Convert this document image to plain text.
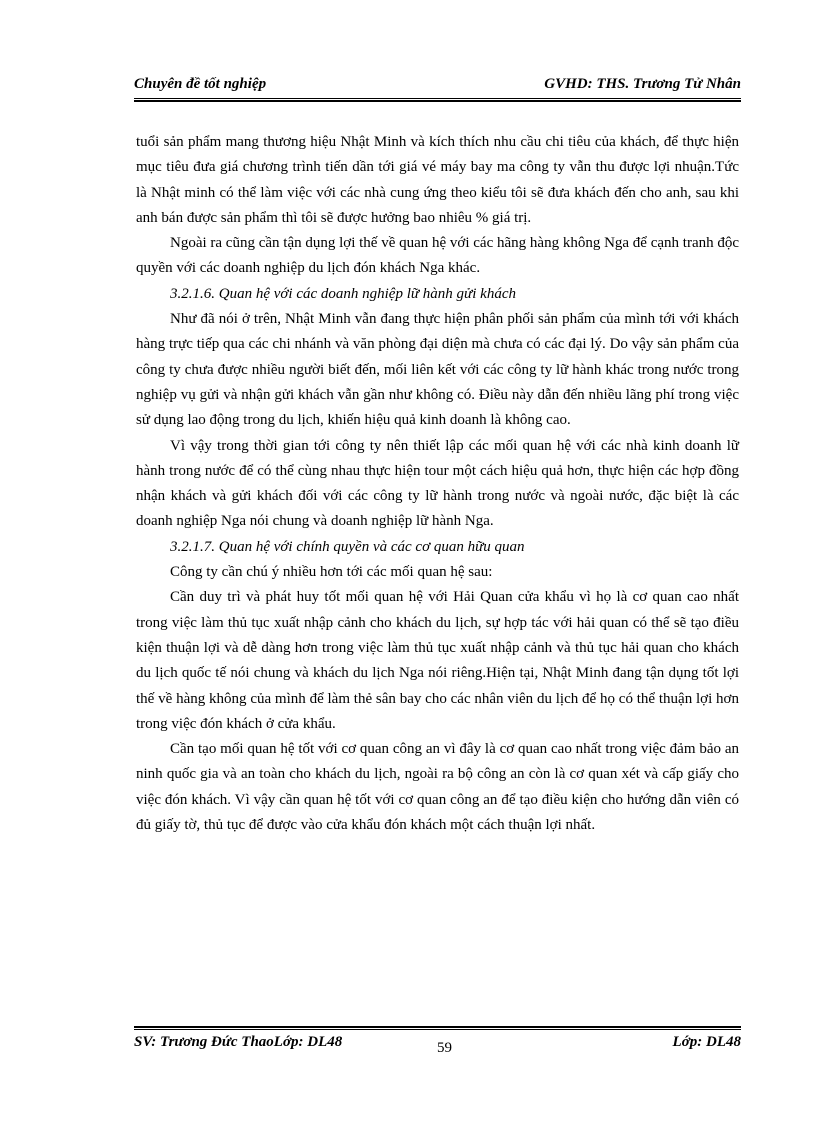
Chuyên đề tốt nghiệp	GVHD: THS. Trương Tử Nhân

tuổi sản phẩm mang thương hiệu Nhật Minh và kích thích nhu cầu chi tiêu của khách, để thực hiện mục tiêu đưa giá chương trình tiến dần tới giá vé máy bay ma công ty vẫn thu được lợi nhuận.Tức là Nhật minh có thể làm việc với các nhà cung ứng theo kiểu tôi sẽ đưa khách đến cho anh, sau khi anh bán được sản phẩm thì tôi sẽ được hưởng bao nhiêu % giá trị.

Ngoài ra cũng cần tận dụng lợi thế về quan hệ với các hãng hàng không Nga để cạnh tranh độc quyền với các doanh nghiệp du lịch đón khách Nga khác.

3.2.1.6. Quan hệ với các doanh nghiệp lữ hành gửi khách

Như đã nói ở trên, Nhật Minh vẫn đang thực hiện phân phối sản phẩm của mình tới với khách hàng trực tiếp qua các chi nhánh và văn phòng đại diện mà chưa có các đại lý. Do vậy sản phẩm của công ty chưa được nhiều người biết đến, mối liên kết với các công ty lữ hành khác trong nước trong nghiệp vụ gửi và nhận gửi khách vẫn gần như không có. Điều này dẫn đến nhiều lãng phí trong việc sử dụng lao động trong du lịch, khiến hiệu quả kinh doanh là không cao.

Vì vậy trong thời gian tới công ty nên thiết lập các mối quan hệ với các nhà kinh doanh lữ hành trong nước để có thể cùng nhau thực hiện tour một cách hiệu quả hơn, thực hiện các hợp đồng nhận khách và gửi khách đối với các công ty lữ hành trong nước và ngoài nước, đặc biệt là các doanh nghiệp Nga nói chung và doanh nghiệp lữ hành Nga.

3.2.1.7. Quan hệ với chính quyền và các cơ quan hữu quan

Công ty cần chú ý nhiều hơn tới các mối quan hệ sau:

Cần duy trì và phát huy tốt mối quan hệ với Hải Quan cửa khẩu vì họ là cơ quan cao nhất trong việc làm thủ tục xuất nhập cảnh cho khách du lịch, sự hợp tác với hải quan có thể sẽ tạo điều kiện thuận lợi và dễ dàng hơn trong việc làm thủ tục xuất nhập cảnh và thủ tục hải quan cho khách du lịch quốc tế nói chung và khách du lịch Nga nói riêng.Hiện tại, Nhật Minh đang tận dụng tốt lợi thế về hàng không của mình để làm thẻ sân bay cho các nhân viên du lịch để họ có thể thuận lợi hơn trong việc đón khách ở cửa khẩu.

Cần tạo mối quan hệ tốt với cơ quan công an vì đây là cơ quan cao nhất trong việc đảm bảo an ninh quốc gia và an toàn cho khách du lịch, ngoài ra bộ công an còn là cơ quan xét và cấp giấy cho việc đón khách. Vì vậy cần quan hệ tốt với cơ quan công an để tạo điều kiện cho hướng dẫn viên có đủ giấy tờ, thủ tục để được vào cửa khẩu đón khách một cách thuận lợi nhất.

SV: Trương Đức ThaoLớp: DL48	Lớp: DL48
59
